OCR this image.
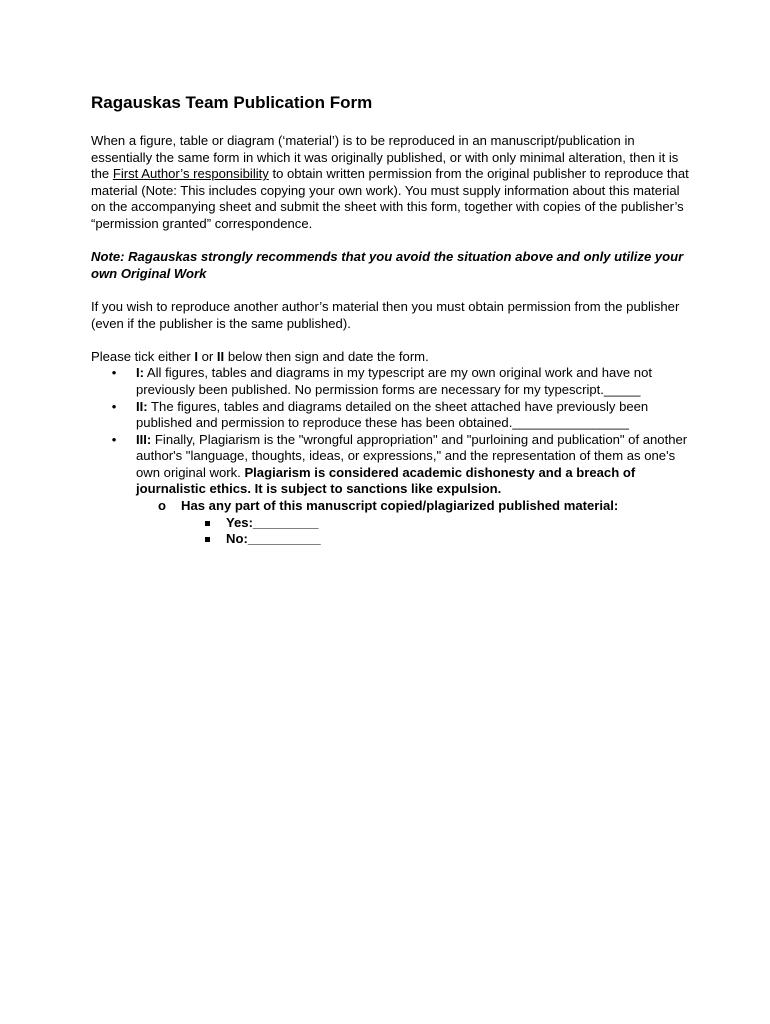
Ragauskas Team Publication Form

When a figure, table or diagram (‘material’) is to be reproduced in an manuscript/publication in essentially the same form in which it was originally published, or with only minimal alteration, then it is the First Author’s responsibility to obtain written permission from the original publisher to reproduce that material (Note: This includes copying your own work). You must supply information about this material on the accompanying sheet and submit the sheet with this form, together with copies of the publisher’s “permission granted” correspondence.

Note: Ragauskas strongly recommends that you avoid the situation above and only utilize your own Original Work

If you wish to reproduce another author’s material then you must obtain permission from the publisher (even if the publisher is the same published).

Please tick either I or II below then sign and date the form.

• I: All figures, tables and diagrams in my typescript are my own original work and have not previously been published. No permission forms are necessary for my typescript._____
• II: The figures, tables and diagrams detailed on the sheet attached have previously been published and permission to reproduce these has been obtained.________________
• III: Finally, Plagiarism is the "wrongful appropriation" and "purloining and publication" of another author's "language, thoughts, ideas, or expressions," and the representation of them as one's own original work. Plagiarism is considered academic dishonesty and a breach of journalistic ethics. It is subject to sanctions like expulsion.
o Has any part of this manuscript copied/plagiarized published material:
Yes:_________
No:__________
